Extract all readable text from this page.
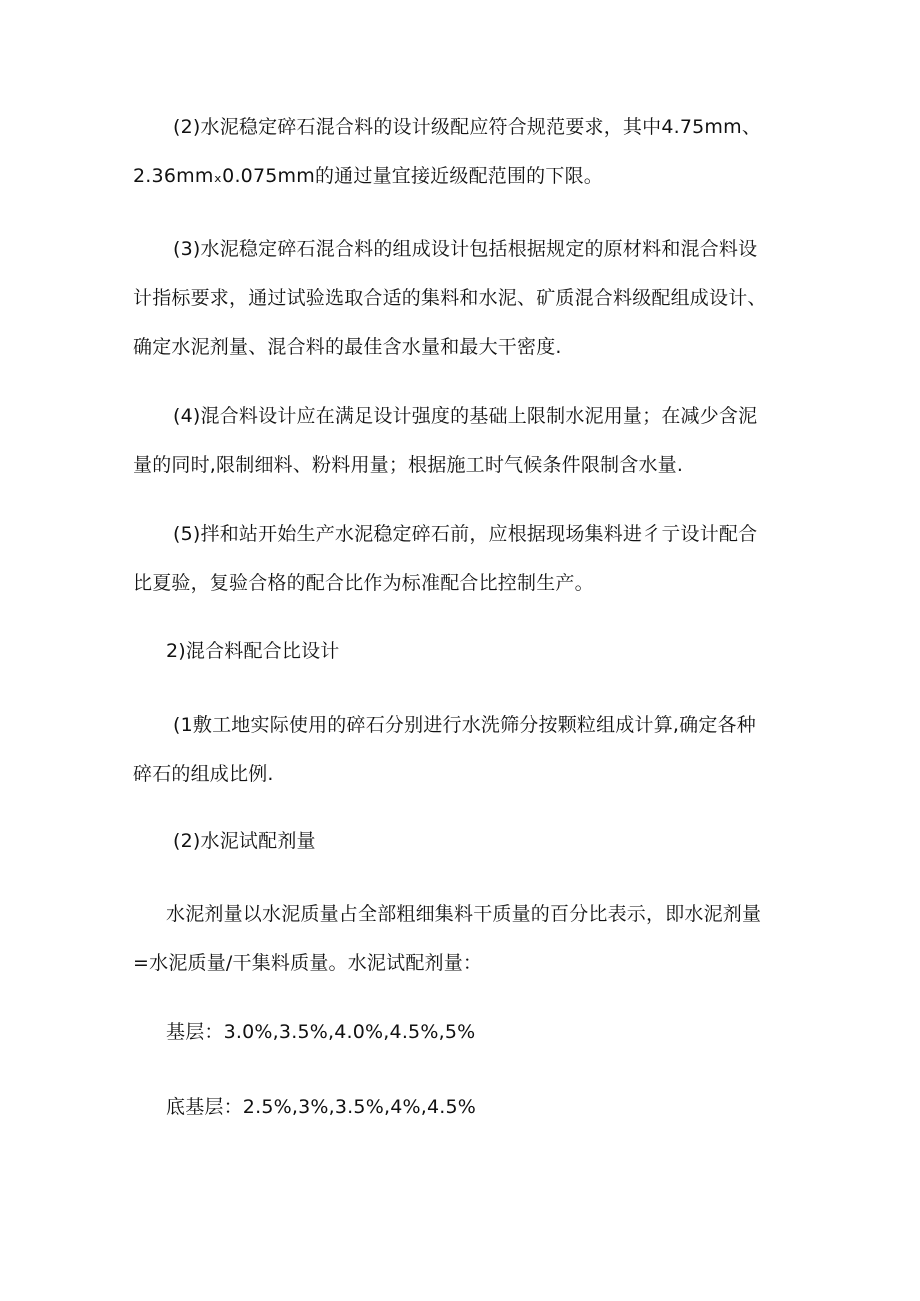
(2)水泥稳定碎石混合料的设计级配应符合规范要求，其中4.75mm、
2.36mmₓ0.075mm的通过量宜接近级配范围的下限。

(3)水泥稳定碎石混合料的组成设计包括根据规定的原材料和混合料设
计指标要求，通过试验选取合适的集料和水泥、矿质混合料级配组成设计、
确定水泥剂量、混合料的最佳含水量和最大干密度.

(4)混合料设计应在满足设计强度的基础上限制水泥用量；在减少含泥
量的同时,限制细料、粉料用量；根据施工时气候条件限制含水量.

(5)拌和站开始生产水泥稳定碎石前，应根据现场集料进彳亍设计配合
比夏验，复验合格的配合比作为标准配合比控制生产。

2)混合料配合比设计

(1敷工地实际使用的碎石分别进行水洗筛分按颗粒组成计算,确定各种
碎石的组成比例.

(2)水泥试配剂量

水泥剂量以水泥质量占全部粗细集料干质量的百分比表示，即水泥剂量
=水泥质量/干集料质量。水泥试配剂量：

基层：3.0%,3.5%,4.0%,4.5%,5%

底基层：2.5%,3%,3.5%,4%,4.5%
